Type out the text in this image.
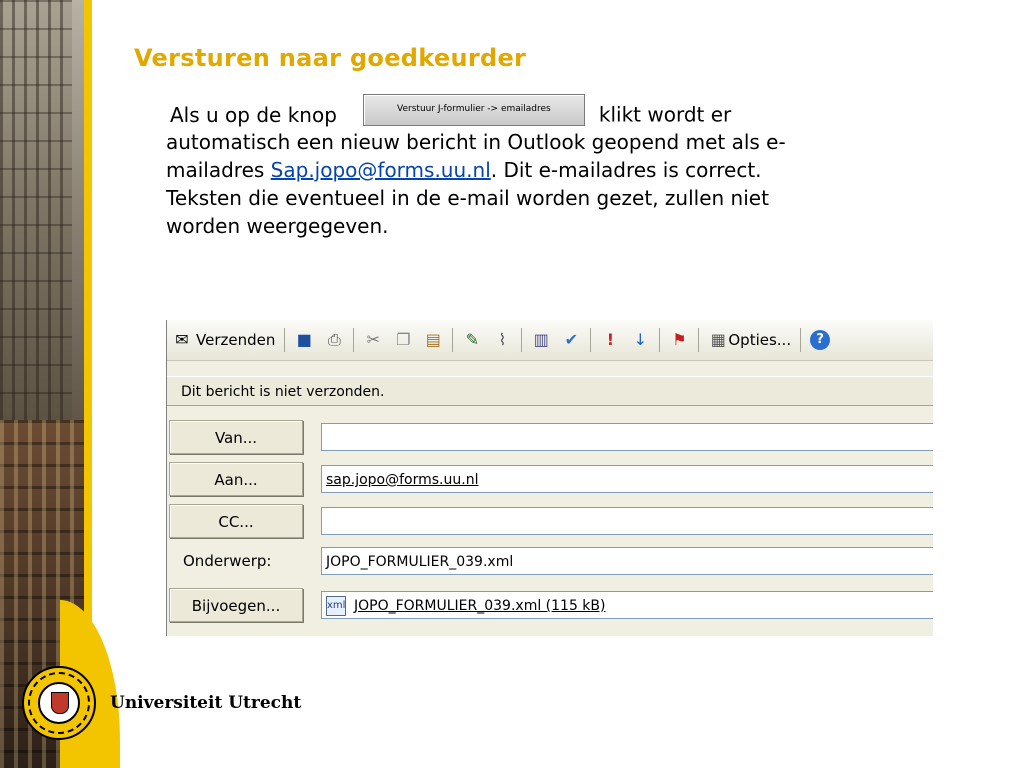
Versturen naar goedkeurder
Als u op de knop	Verstuur J-formulier -> emailadres klikt wordt er
automatisch een nieuw bericht in Outlook geopend met als e-
mailadres Sap.jopo@forms.uu.nl. Dit e-mailadres is correct.
Teksten die eventueel in de e-mail worden gezet, zullen niet
worden weergegeven.
✉ Verzenden ■ ⎙ ✂ ❐ ▤ ✎	⌇	▥ ✔	!	↓ ⚑ ▦ Opties...	?
Dit bericht is niet verzonden.
Van...
Aan...	sap.jopo@forms.uu.nl
CC...
Onderwerp:	JOPO_FORMULIER_039.xml
Bijvoegen...	xml JOPO_FORMULIER_039.xml (115 kB)
Universiteit Utrecht
